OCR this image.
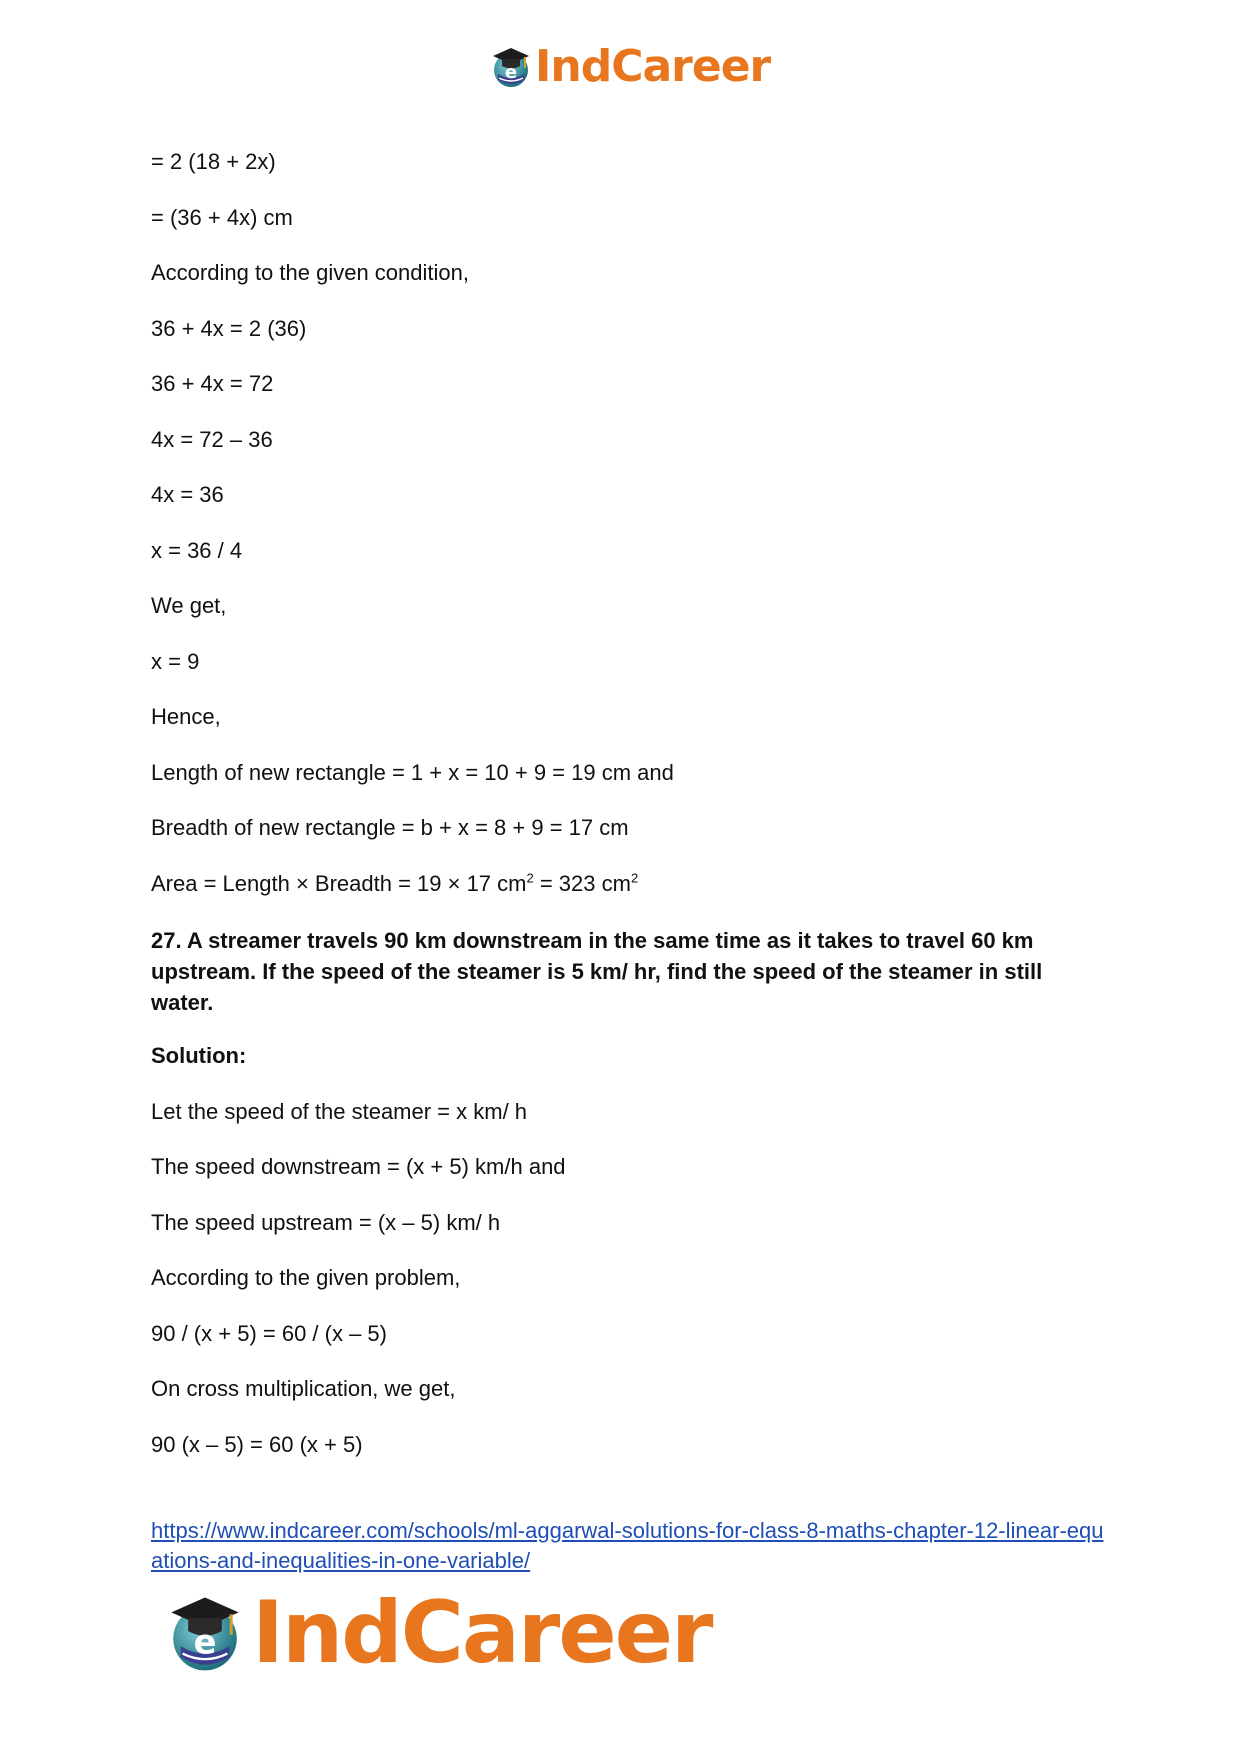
e IndCareer
= 2 (18 + 2x)
= (36 + 4x) cm
According to the given condition,
36 + 4x = 2 (36)
36 + 4x = 72
4x = 72 – 36
4x = 36
x = 36 / 4
We get,
x = 9
Hence,
Length of new rectangle = 1 + x = 10 + 9 = 19 cm and
Breadth of new rectangle = b + x = 8 + 9 = 17 cm
Area = Length × Breadth = 19 × 17 $cm^2 = 323$ $cm^2$
27. A streamer travels 90 km downstream in the same time as it takes to travel 60 km upstream. If the speed of the steamer is 5 km/ hr, find the speed of the steamer in still water.
Solution:
Let the speed of the steamer = x km/ h
The speed downstream = (x + 5) km/h and
The speed upstream = (x – 5) km/ h
According to the given problem,
90 / (x + 5) = 60 / (x – 5)
On cross multiplication, we get,
90 (x – 5) = 60 (x + 5)
https://www.indcareer.com/schools/ml-aggarwal-solutions-for-class-8-maths-chapter-12-linear-equations-and-inequalities-in-one-variable/
e IndCareer
